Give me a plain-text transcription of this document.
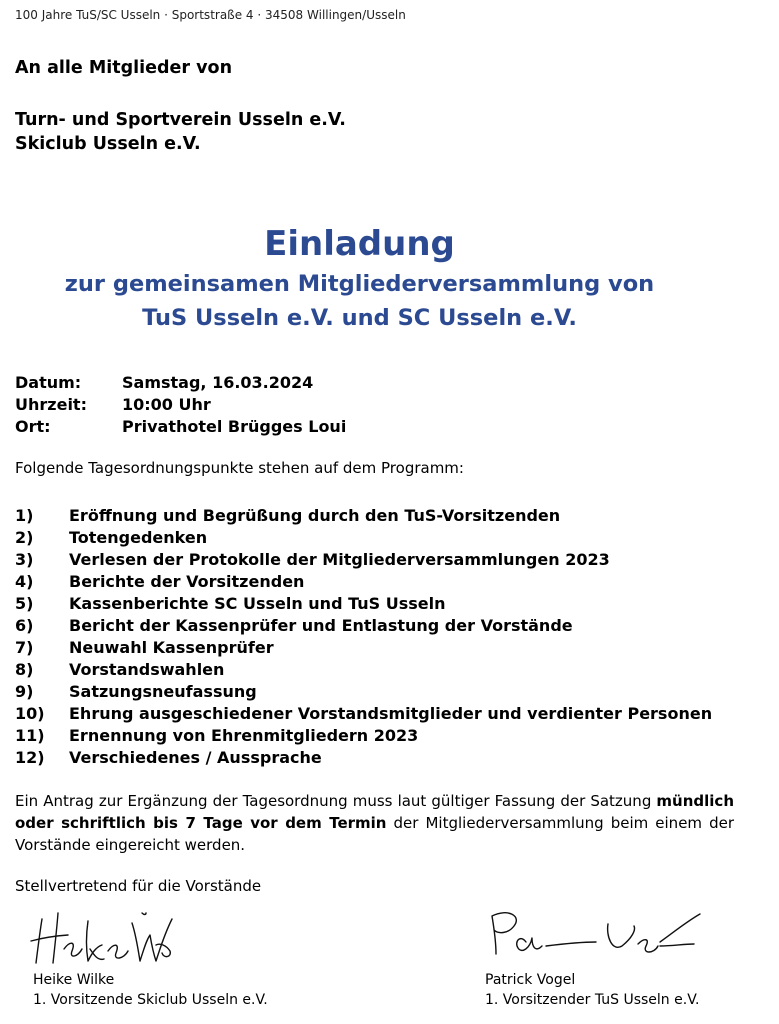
100 Jahre TuS/SC Usseln · Sportstraße 4 · 34508 Willingen/Usseln
An alle Mitglieder von
Turn- und Sportverein Usseln e.V.
Skiclub Usseln e.V.
Einladung
zur gemeinsamen Mitgliederversammlung von
TuS Usseln e.V. und SC Usseln e.V.
Datum:	Samstag, 16.03.2024
Uhrzeit:	10:00 Uhr
Ort:	Privathotel Brügges Loui
Folgende Tagesordnungspunkte stehen auf dem Programm:
1)	Eröffnung und Begrüßung durch den TuS-Vorsitzenden
2)	Totengedenken
3)	Verlesen der Protokolle der Mitgliederversammlungen 2023
4)	Berichte der Vorsitzenden
5)	Kassenberichte SC Usseln und TuS Usseln
6)	Bericht der Kassenprüfer und Entlastung der Vorstände
7)	Neuwahl Kassenprüfer
8)	Vorstandswahlen
9)	Satzungsneufassung
10)	Ehrung ausgeschiedener Vorstandsmitglieder und verdienter Personen
11)	Ernennung von Ehrenmitgliedern 2023
12)	Verschiedenes / Aussprache
Ein Antrag zur Ergänzung der Tagesordnung muss laut gültiger Fassung der Satzung mündlich oder schriftlich bis 7 Tage vor dem Termin der Mitgliederversammlung beim einem der Vorstände eingereicht werden.
Stellvertretend für die Vorstände
Heike Wilke
Patrick Vogel
Heike Wilke
1. Vorsitzende Skiclub Usseln e.V.
Patrick Vogel
1. Vorsitzender TuS Usseln e.V.
